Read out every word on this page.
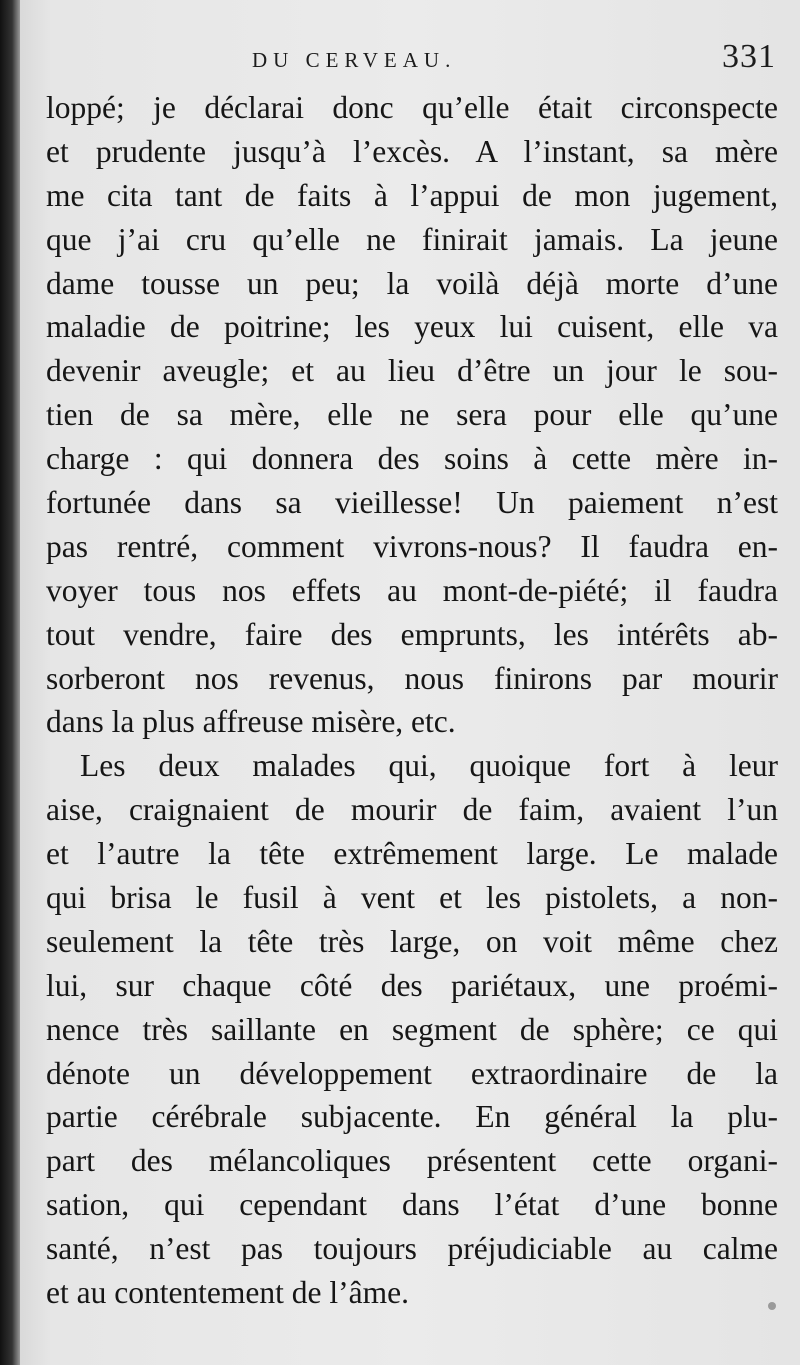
DU CERVEAU.	331
loppé; je déclarai donc qu’elle était circonspecte
et prudente jusqu’à l’excès. A l’instant, sa mère
me cita tant de faits à l’appui de mon jugement,
que j’ai cru qu’elle ne finirait jamais. La jeune
dame tousse un peu; la voilà déjà morte d’une
maladie de poitrine; les yeux lui cuisent, elle va
devenir aveugle; et au lieu d’être un jour le sou-
tien de sa mère, elle ne sera pour elle qu’une
charge : qui donnera des soins à cette mère in-
fortunée dans sa vieillesse! Un paiement n’est
pas rentré, comment vivrons-nous? Il faudra en-
voyer tous nos effets au mont-de-piété; il faudra
tout vendre, faire des emprunts, les intérêts ab-
sorberont nos revenus, nous finirons par mourir
dans la plus affreuse misère, etc.
Les deux malades qui, quoique fort à leur
aise, craignaient de mourir de faim, avaient l’un
et l’autre la tête extrêmement large. Le malade
qui brisa le fusil à vent et les pistolets, a non-
seulement la tête très large, on voit même chez
lui, sur chaque côté des pariétaux, une proémi-
nence très saillante en segment de sphère; ce qui
dénote un développement extraordinaire de la
partie cérébrale subjacente. En général la plu-
part des mélancoliques présentent cette organi-
sation, qui cependant dans l’état d’une bonne
santé, n’est pas toujours préjudiciable au calme
et au contentement de l’âme.
